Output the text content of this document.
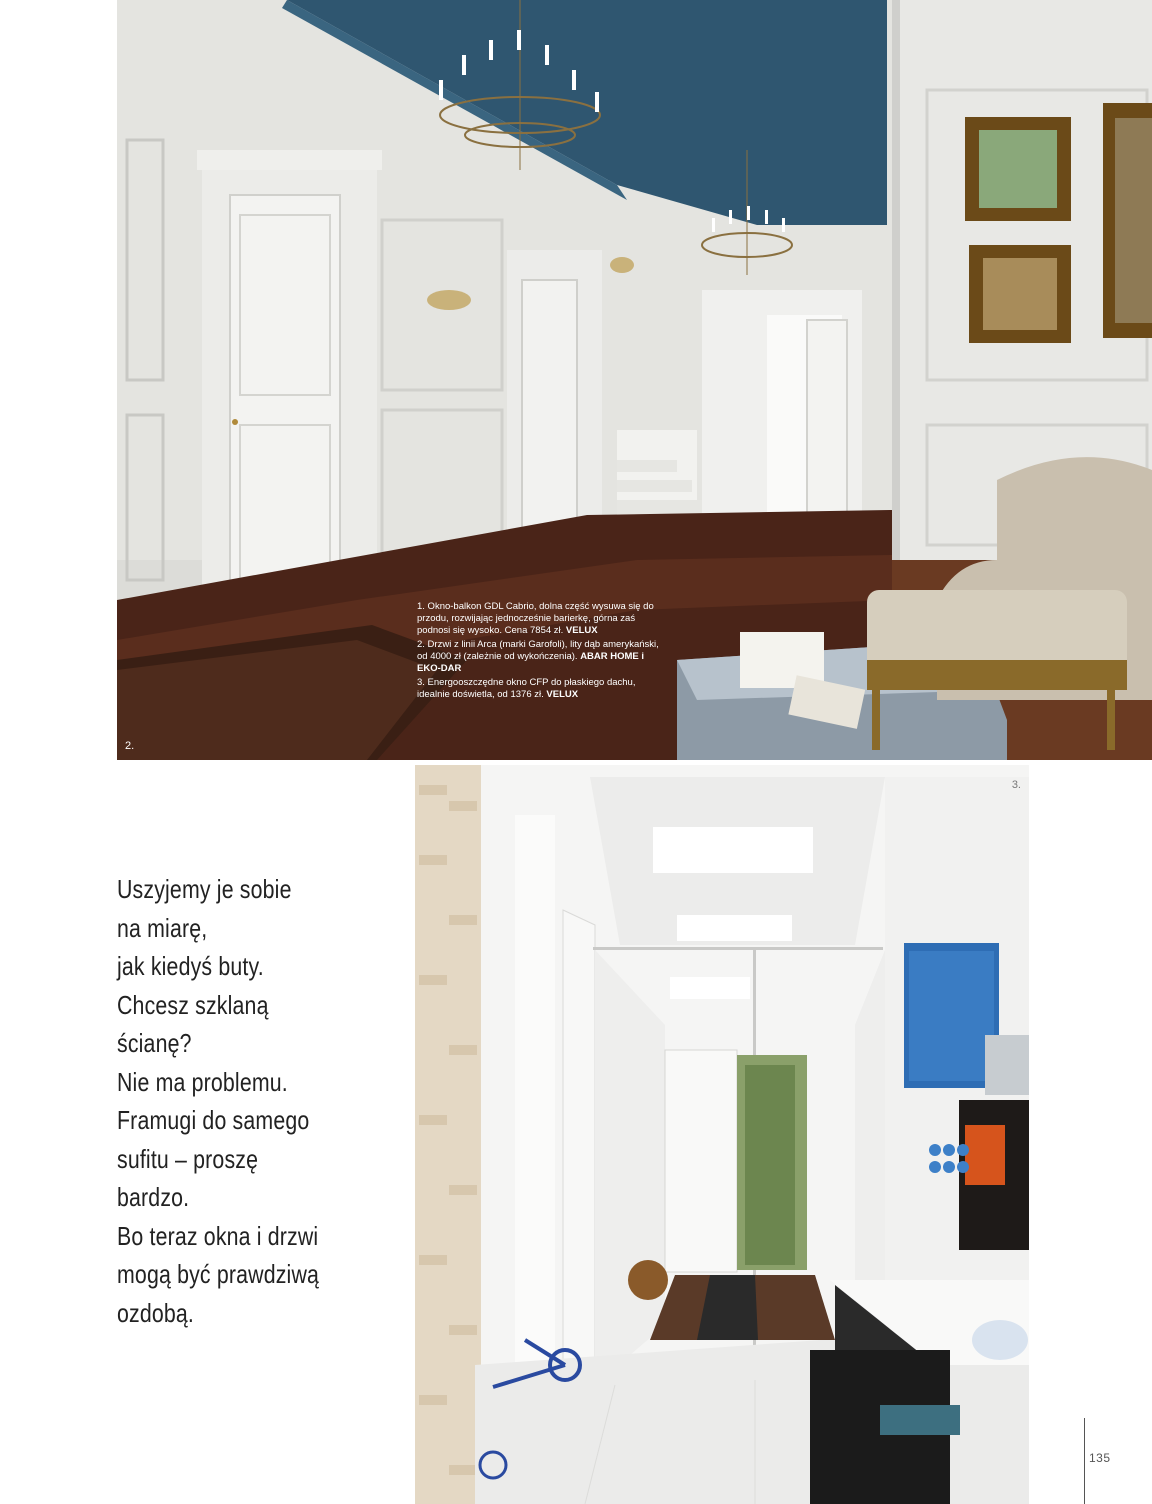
1. Okno-balkon GDL Cabrio, dolna część wysuwa się do przodu, rozwijając jednocześnie barierkę, górna zaś podnosi się wysoko. Cena 7854 zł. VELUX

2. Drzwi z linii Arca (marki Garofoli), lity dąb amerykański, od 4000 zł (zależnie od wykończenia). ABAR HOME i EKO-DAR

3. Energooszczędne okno CFP do płaskiego dachu, idealnie doświetla, od 1376 zł. VELUX

2.
3.
Uszyjemy je sobie
na miarę,
jak kiedyś buty.
Chcesz szklaną
ścianę?
Nie ma problemu.
Framugi do samego
sufitu – proszę
bardzo.
Bo teraz okna i drzwi
mogą być prawdziwą
ozdobą.
135
